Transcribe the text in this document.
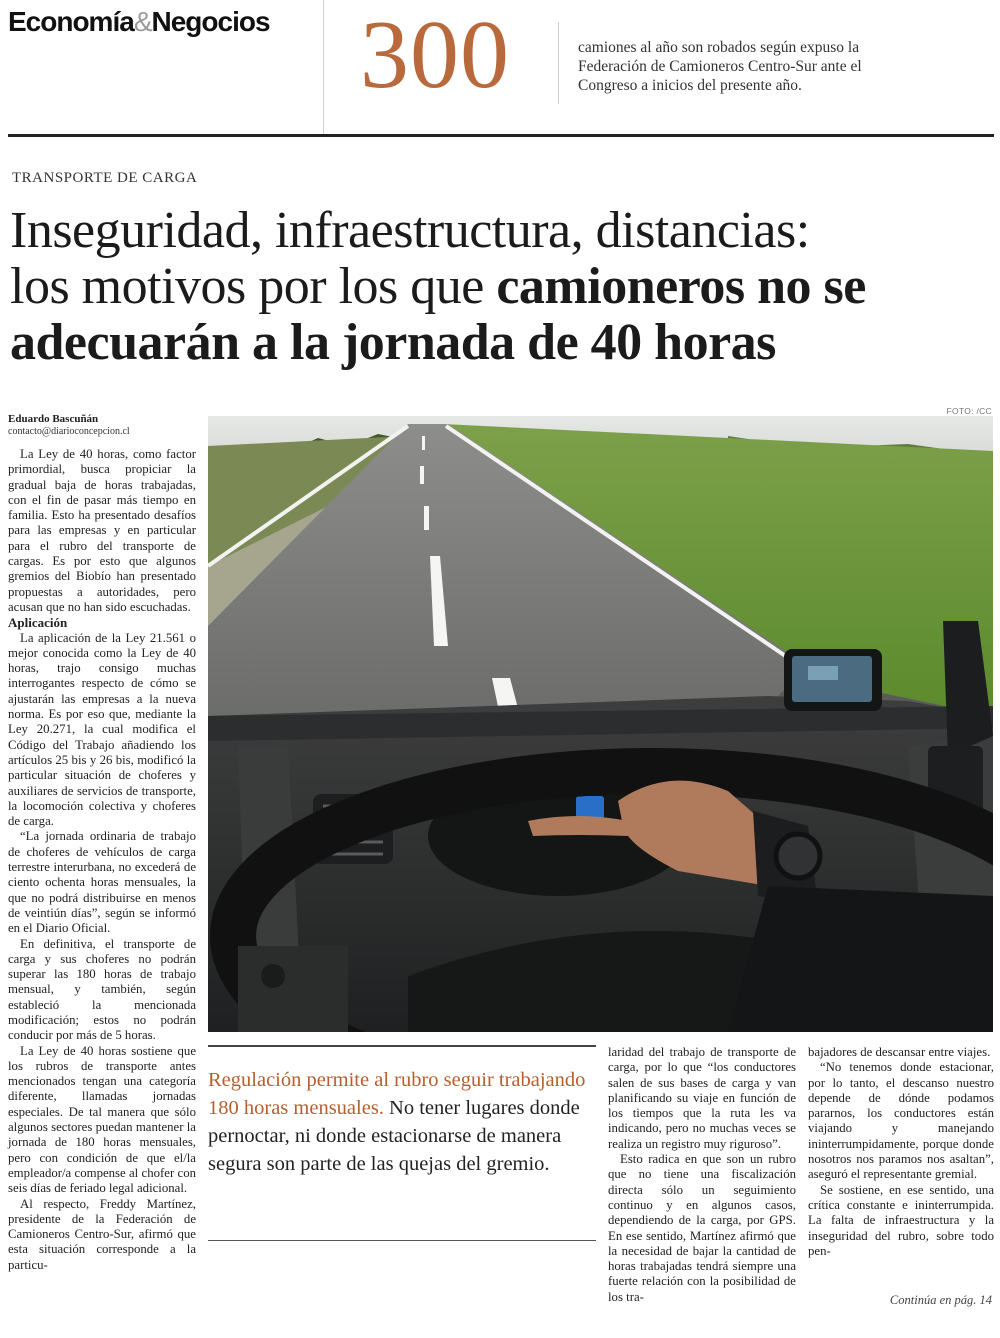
Economía&Negocios 300	camiones al año son robados según expuso la Federación de Camioneros Centro-Sur ante el Congreso a inicios del presente año.
TRANSPORTE DE CARGA
Inseguridad, infraestructura, distancias:
los motivos por los que camioneros no se adecuarán a la jornada de 40 horas
Eduardo Bascuñán
contacto@diarioconcepcion.cl
FOTO: /CC

La Ley de 40 horas, como factor primordial, busca propiciar la gradual baja de horas trabajadas, con el fin de pasar más tiempo en familia. Esto ha presentado desafíos para las empresas y en particular para el rubro del transporte de cargas. Es por esto que algunos gremios del Biobío han presentado propuestas a autoridades, pero acusan que no han sido escuchadas.

Aplicación

La aplicación de la Ley 21.561 o mejor conocida como la Ley de 40 horas, trajo consigo muchas interrogantes respecto de cómo se ajustarán las empresas a la nueva norma. Es por eso que, mediante la Ley 20.271, la cual modifica el Código del Trabajo añadiendo los artículos 25 bis y 26 bis, modificó la particular situación de choferes y auxiliares de servicios de transporte, la locomoción colectiva y choferes de carga.

“La jornada ordinaria de trabajo de choferes de vehículos de carga terrestre interurbana, no excederá de ciento ochenta horas mensuales, la que no podrá distribuirse en menos de veintiún días”, según se informó en el Diario Oficial.

En definitiva, el transporte de carga y sus choferes no podrán superar las 180 horas de trabajo mensual, y también, según estableció la mencionada modificación; estos no podrán conducir por más de 5 horas.

La Ley de 40 horas sostiene que los rubros de transporte antes mencionados tengan una categoría diferente, llamadas jornadas especiales. De tal manera que sólo algunos sectores puedan mantener la jornada de 180 horas mensuales, pero con condición de que el/la empleador/a compense al chofer con seis días de feriado legal adicional.

Al respecto, Freddy Martínez, presidente de la Federación de Camioneros Centro-Sur, afirmó que esta situación corresponde a la particu-

Regulación permite al rubro seguir trabajando 180 horas mensuales. No tener lugares donde pernoctar, ni donde estacionarse de manera segura son parte de las quejas del gremio.

laridad del trabajo de transporte de carga, por lo que “los conductores salen de sus bases de carga y van planificando su viaje en función de los tiempos que la ruta les va indicando, pero no muchas veces se realiza un registro muy riguroso”.

Esto radica en que son un rubro que no tiene una fiscalización directa sólo un seguimiento continuo y en algunos casos, dependiendo de la carga, por GPS. En ese sentido, Martínez afirmó que la necesidad de bajar la cantidad de horas trabajadas tendrá siempre una fuerte relación con la posibilidad de los tra-

bajadores de descansar entre viajes.

“No tenemos donde estacionar, por lo tanto, el descanso nuestro depende de dónde podamos pararnos, los conductores están viajando y manejando ininterrumpidamente, porque donde nosotros nos paramos nos asaltan”, aseguró el representante gremial.

Se sostiene, en ese sentido, una crítica constante e ininterrumpida. La falta de infraestructura y la inseguridad del rubro, sobre todo pen-

Continúa en pág. 14
